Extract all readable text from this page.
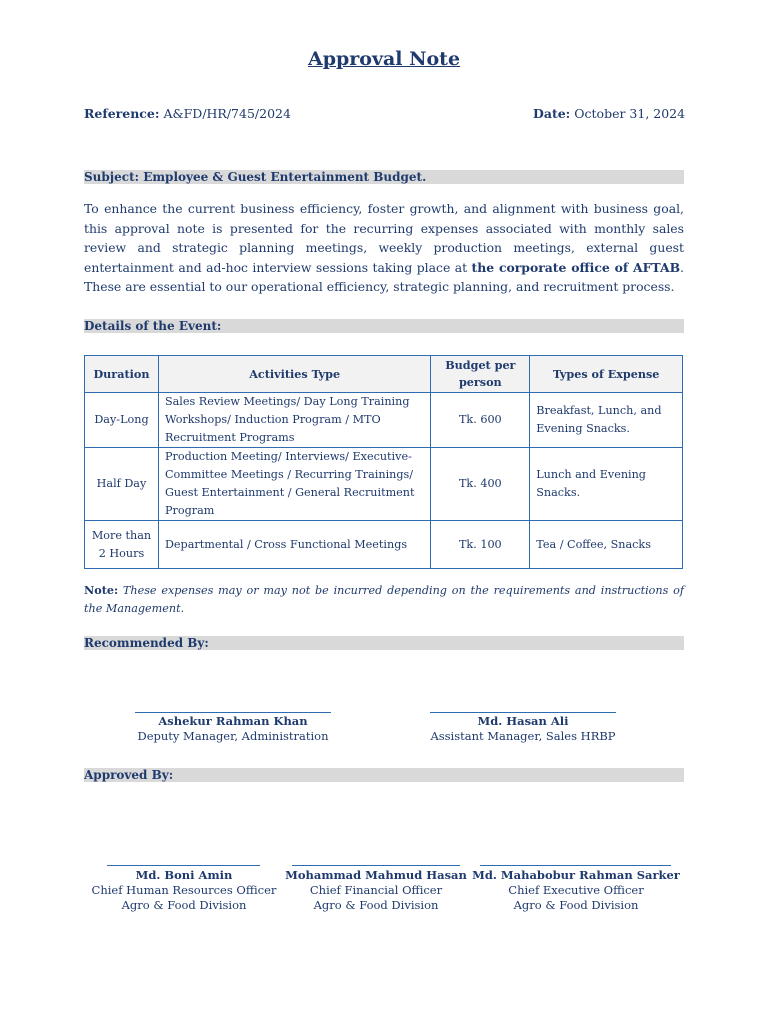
Approval Note
Reference: A&FD/HR/745/2024	Date: October 31, 2024
Subject: Employee & Guest Entertainment Budget.
To enhance the current business efficiency, foster growth, and alignment with business goal, this approval note is presented for the recurring expenses associated with monthly sales review and strategic planning meetings, weekly production meetings, external guest entertainment and ad-hoc interview sessions taking place at the corporate office of AFTAB. These are essential to our operational efficiency, strategic planning, and recruitment process.
Details of the Event:
Duration	Activities Type	Budget per person	Types of Expense
Day-Long	Sales Review Meetings/ Day Long Training Workshops/ Induction Program / MTO Recruitment Programs	Tk. 600	Breakfast, Lunch, and Evening Snacks.
Half Day	Production Meeting/ Interviews/ Executive-Committee Meetings / Recurring Trainings/ Guest Entertainment / General Recruitment Program	Tk. 400	Lunch and Evening Snacks.
More than 2 Hours	Departmental / Cross Functional Meetings	Tk. 100	Tea / Coffee, Snacks
Note: These expenses may or may not be incurred depending on the requirements and instructions of the Management.
Recommended By:
Ashekur Rahman Khan
Deputy Manager, Administration
Md. Hasan Ali
Assistant Manager, Sales HRBP
Approved By:
Md. Boni Amin
Chief Human Resources Officer
Agro & Food Division
Mohammad Mahmud Hasan
Chief Financial Officer
Agro & Food Division
Md. Mahabobur Rahman Sarker
Chief Executive Officer
Agro & Food Division
